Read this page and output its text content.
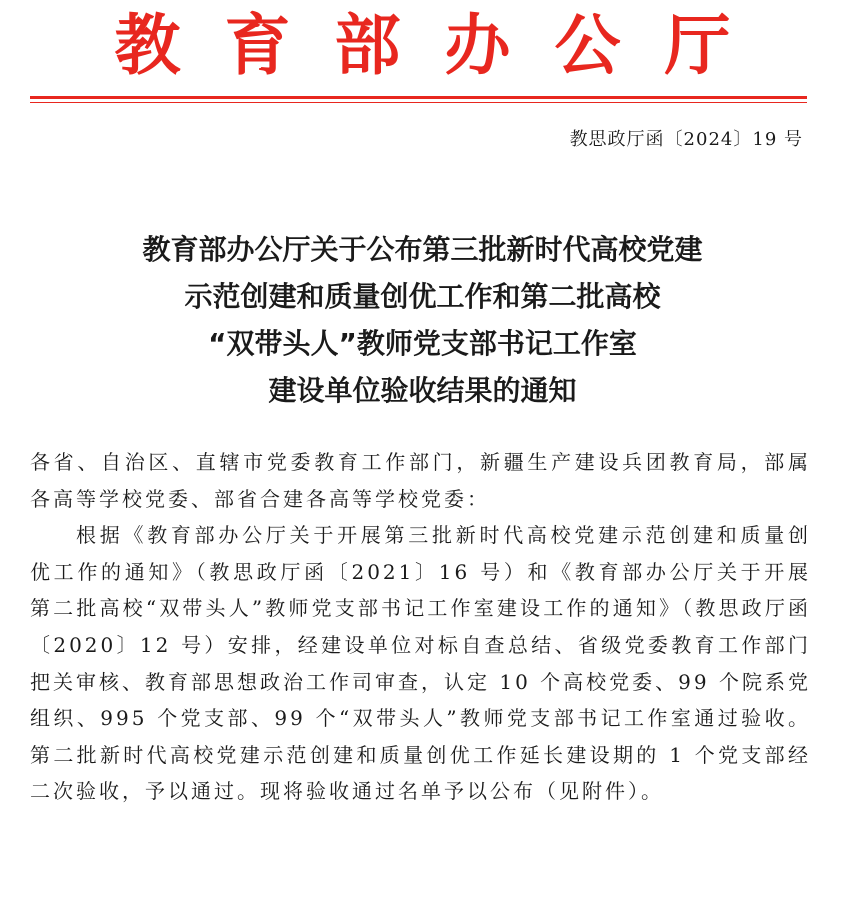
教育部办公厅
教思政厅函〔2024〕19 号
教育部办公厅关于公布第三批新时代高校党建
示范创建和质量创优工作和第二批高校
“双带头人”教师党支部书记工作室
建设单位验收结果的通知

各省、自治区、直辖市党委教育工作部门，新疆生产建设兵团教育局，部属各高等学校党委、部省合建各高等学校党委：

根据《教育部办公厅关于开展第三批新时代高校党建示范创建和质量创优工作的通知》（教思政厅函〔2021〕16 号）和《教育部办公厅关于开展第二批高校“双带头人”教师党支部书记工作室建设工作的通知》（教思政厅函〔2020〕12 号）安排，经建设单位对标自查总结、省级党委教育工作部门把关审核、教育部思想政治工作司审查，认定 10 个高校党委、99 个院系党组织、995 个党支部、99 个“双带头人”教师党支部书记工作室通过验收。第二批新时代高校党建示范创建和质量创优工作延长建设期的 1 个党支部经二次验收，予以通过。现将验收通过名单予以公布（见附件）。
